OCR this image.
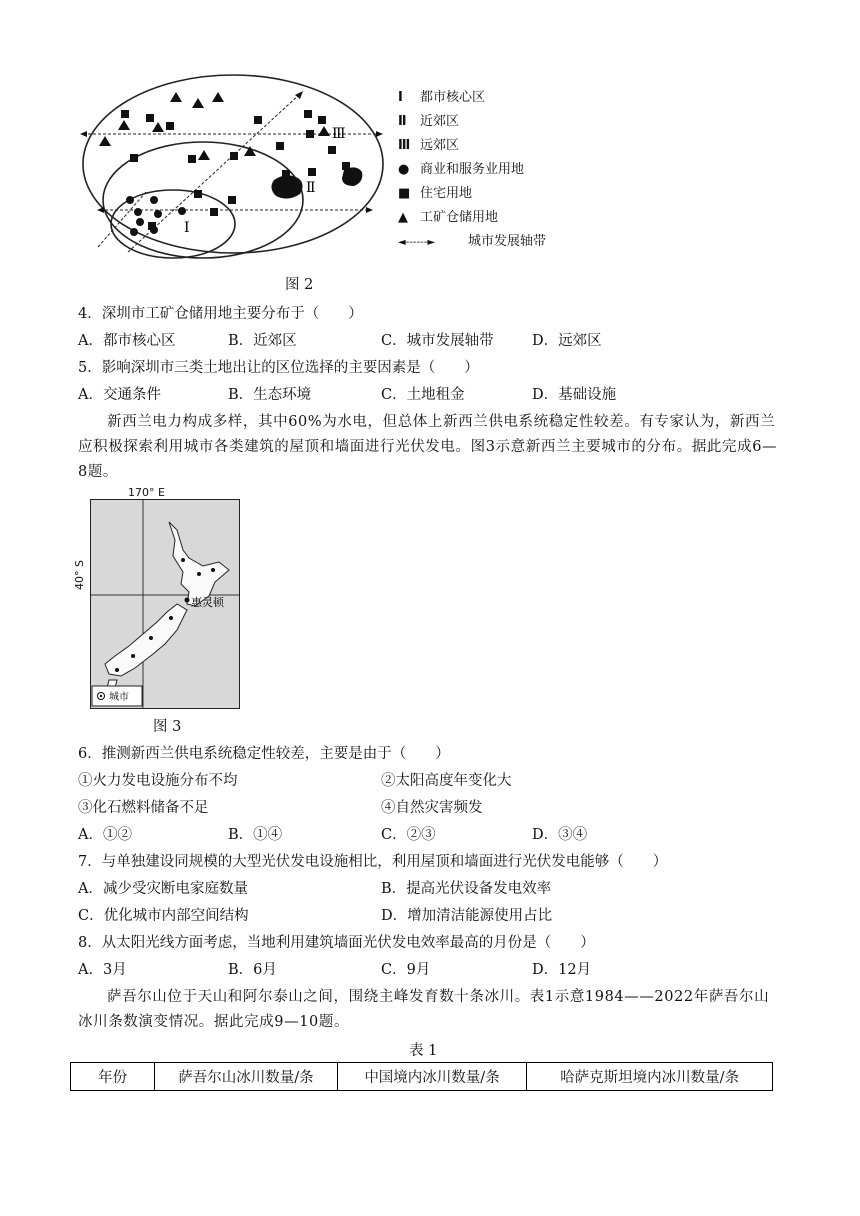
Ⅰ
Ⅱ
Ⅲ
Ⅰ 都市核心区
Ⅱ 近郊区
Ⅲ 远郊区
● 商业和服务业用地
■ 住宅用地
▲ 工矿仓储用地
◄------►	城市发展轴带
图 2
4．深圳市工矿仓储用地主要分布于（　　）
A．都市核心区	B．近郊区	C．城市发展轴带	D．远郊区
5．影响深圳市三类土地出让的区位选择的主要因素是（　　）
A．交通条件	B．生态环境	C．土地租金	D．基础设施
新西兰电力构成多样，其中60%为水电，但总体上新西兰供电系统稳定性较差。有专家认为，新西兰应积极探索利用城市各类建筑的屋顶和墙面进行光伏发电。图3示意新西兰主要城市的分布。据此完成6—8题。
170° E
40° S
惠灵顿
城市
图 3
6．推测新西兰供电系统稳定性较差，主要是由于（　　）
①火力发电设施分布不均	②太阳高度年变化大
③化石燃料储备不足	④自然灾害频发
A．①②	B．①④	C．②③	D．③④
7．与单独建设同规模的大型光伏发电设施相比，利用屋顶和墙面进行光伏发电能够（　　）
A．减少受灾断电家庭数量	B．提高光伏设备发电效率
C．优化城市内部空间结构	D．增加清洁能源使用占比
8．从太阳光线方面考虑，当地利用建筑墙面光伏发电效率最高的月份是（　　）
A．3月	B．6月	C．9月	D．12月
萨吾尔山位于天山和阿尔泰山之间，围绕主峰发育数十条冰川。表1示意1984——2022年萨吾尔山冰川条数演变情况。据此完成9—10题。
表 1
年份	萨吾尔山冰川数量/条	中国境内冰川数量/条	哈萨克斯坦境内冰川数量/条
